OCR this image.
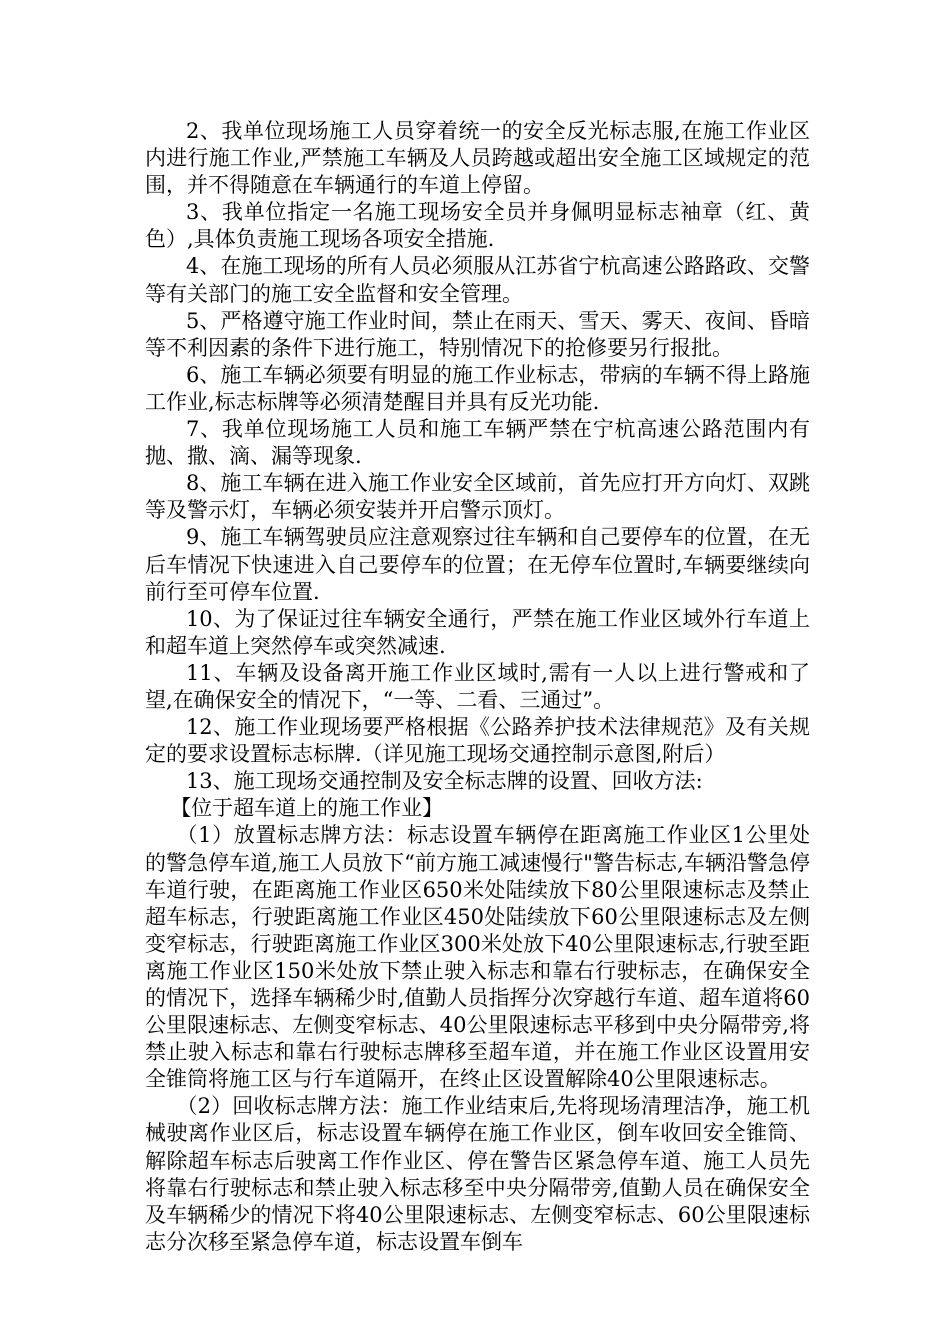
2、我单位现场施工人员穿着统一的安全反光标志服,在施工作业区内进行施工作业,严禁施工车辆及人员跨越或超出安全施工区域规定的范围，并不得随意在车辆通行的车道上停留。

3、我单位指定一名施工现场安全员并身佩明显标志袖章（红、黄色）,具体负责施工现场各项安全措施.

4、在施工现场的所有人员必须服从江苏省宁杭高速公路路政、交警等有关部门的施工安全监督和安全管理。

5、严格遵守施工作业时间，禁止在雨天、雪天、雾天、夜间、昏暗等不利因素的条件下进行施工，特别情况下的抢修要另行报批。

6、施工车辆必须要有明显的施工作业标志，带病的车辆不得上路施工作业,标志标牌等必须清楚醒目并具有反光功能.

7、我单位现场施工人员和施工车辆严禁在宁杭高速公路范围内有抛、撒、滴、漏等现象.

8、施工车辆在进入施工作业安全区域前，首先应打开方向灯、双跳等及警示灯，车辆必须安装并开启警示顶灯。

9、施工车辆驾驶员应注意观察过往车辆和自己要停车的位置，在无后车情况下快速进入自己要停车的位置；在无停车位置时,车辆要继续向前行至可停车位置.

10、为了保证过往车辆安全通行，严禁在施工作业区域外行车道上和超车道上突然停车或突然减速.

11、车辆及设备离开施工作业区域时,需有一人以上进行警戒和了望,在确保安全的情况下，“一等、二看、三通过”。

12、施工作业现场要严格根据《公路养护技术法律规范》及有关规定的要求设置标志标牌.（详见施工现场交通控制示意图,附后）

13、施工现场交通控制及安全标志牌的设置、回收方法:

【位于超车道上的施工作业】

（1）放置标志牌方法：标志设置车辆停在距离施工作业区1公里处的警急停车道,施工人员放下“前方施工减速慢行"警告标志,车辆沿警急停车道行驶，在距离施工作业区650米处陆续放下80公里限速标志及禁止超车标志，行驶距离施工作业区450处陆续放下60公里限速标志及左侧变窄标志，行驶距离施工作业区300米处放下40公里限速标志,行驶至距离施工作业区150米处放下禁止驶入标志和靠右行驶标志，在确保安全的情况下，选择车辆稀少时,值勤人员指挥分次穿越行车道、超车道将60公里限速标志、左侧变窄标志、40公里限速标志平移到中央分隔带旁,将禁止驶入标志和靠右行驶标志牌移至超车道，并在施工作业区设置用安全锥筒将施工区与行车道隔开，在终止区设置解除40公里限速标志。

（2）回收标志牌方法：施工作业结束后,先将现场清理洁净，施工机械驶离作业区后，标志设置车辆停在施工作业区，倒车收回安全锥筒、解除超车标志后驶离工作作业区、停在警告区紧急停车道、施工人员先将靠右行驶标志和禁止驶入标志移至中央分隔带旁,值勤人员在确保安全及车辆稀少的情况下将40公里限速标志、左侧变窄标志、60公里限速标志分次移至紧急停车道，标志设置车倒车
